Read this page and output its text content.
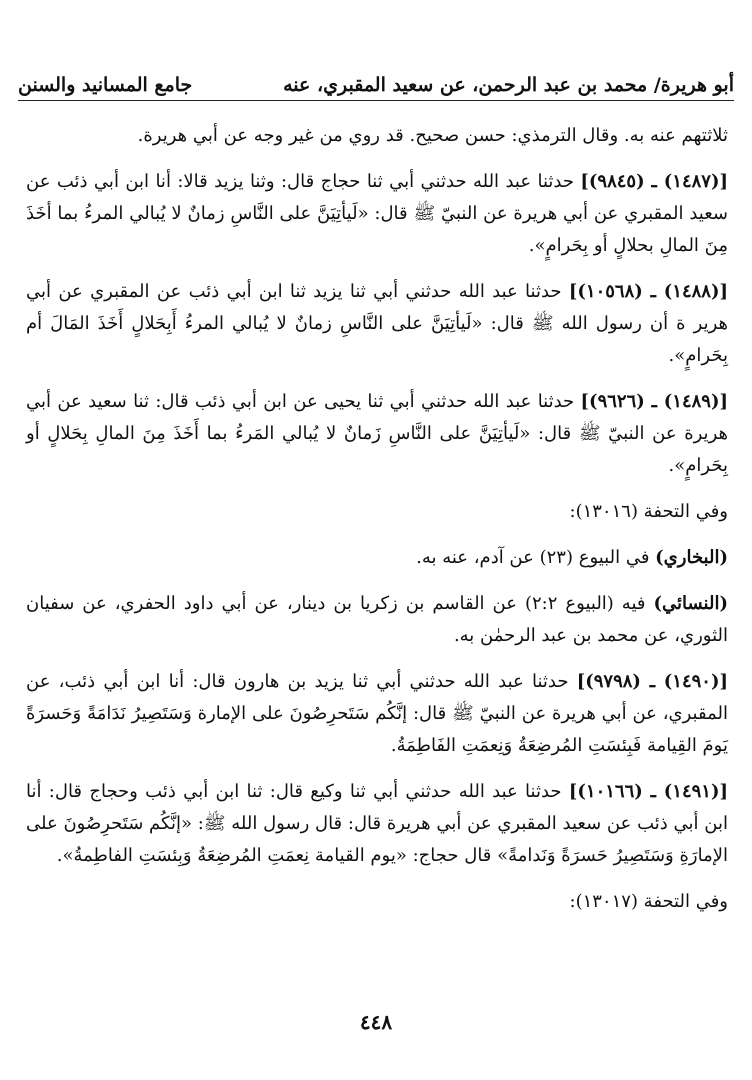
أبو هريرة/ محمد بن عبد الرحمن، عن سعيد المقبري، عنه
جامع المسانيد والسنن

ثلاثتهم عنه به. وقال الترمذي: حسن صحيح. قد روي من غير وجه عن أبي هريرة.

[(١٤٨٧) ـ (٩٨٤٥)] حدثنا عبد الله حدثني أبي ثنا حجاج قال: وثنا يزيد قالا: أنا ابن أبي ذئب عن سعيد المقبري عن أبي هريرة عن النبيّ ﷺ قال: «لَيأتِيَنَّ على النَّاسِ زمانٌ لا يُبالي المرءُ بما أخَذَ مِنَ المالِ بحلالٍ أو بِحَرامٍ».

[(١٤٨٨) ـ (١٠٥٦٨)] حدثنا عبد الله حدثني أبي ثنا يزيد ثنا ابن أبي ذئب عن المقبري عن أبي هرير ة أن رسول الله ﷺ قال: «لَيأتِيَنَّ على النَّاسِ زمانٌ لا يُبالي المرءُ أَبِحَلالٍ أَخَذَ المَالَ أم بِحَرامٍ».

[(١٤٨٩) ـ (٩٦٢٦)] حدثنا عبد الله حدثني أبي ثنا يحيى عن ابن أبي ذئب قال: ثنا سعيد عن أبي هريرة عن النبيّ ﷺ قال: «لَيأتِيَنَّ على النَّاسِ زَمانٌ لا يُبالي المَرءُ بما أَخَذَ مِنَ المالِ بِحَلالٍ أو بِحَرامٍ».

وفي التحفة (١٣٠١٦):

(البخاري) في البيوع (٢٣) عن آدم، عنه به.

(النسائي) فيه (البيوع ٢:٢) عن القاسم بن زكريا بن دينار، عن أبي داود الحفري، عن سفيان الثوري، عن محمد بن عبد الرحمٰن به.

[(١٤٩٠) ـ (٩٧٩٨)] حدثنا عبد الله حدثني أبي ثنا يزيد بن هارون قال: أنا ابن أبي ذئب، عن المقبري، عن أبي هريرة عن النبيّ ﷺ قال: إنَّكُم سَتَحرِصُونَ على الإمارة وَسَتَصِيرُ نَدَامَةً وَحَسرَةً يَومَ القِيامة فَبِئسَتِ المُرضِعَةُ وَنِعمَتِ الفَاطِمَةُ.

[(١٤٩١) ـ (١٠١٦٦)] حدثنا عبد الله حدثني أبي ثنا وكيع قال: ثنا ابن أبي ذئب وحجاج قال: أنا ابن أبي ذئب عن سعيد المقبري عن أبي هريرة قال: قال رسول الله ﷺ: «إنَّكُم سَتَحرِصُونَ على الإمارَةِ وَسَتَصِيرُ حَسرَةً وَنَدامةً» قال حجاج: «يوم القيامة نِعمَتِ المُرضِعَةُ وَبِئسَتِ الفاطِمةُ».

وفي التحفة (١٣٠١٧):

٤٤٨
